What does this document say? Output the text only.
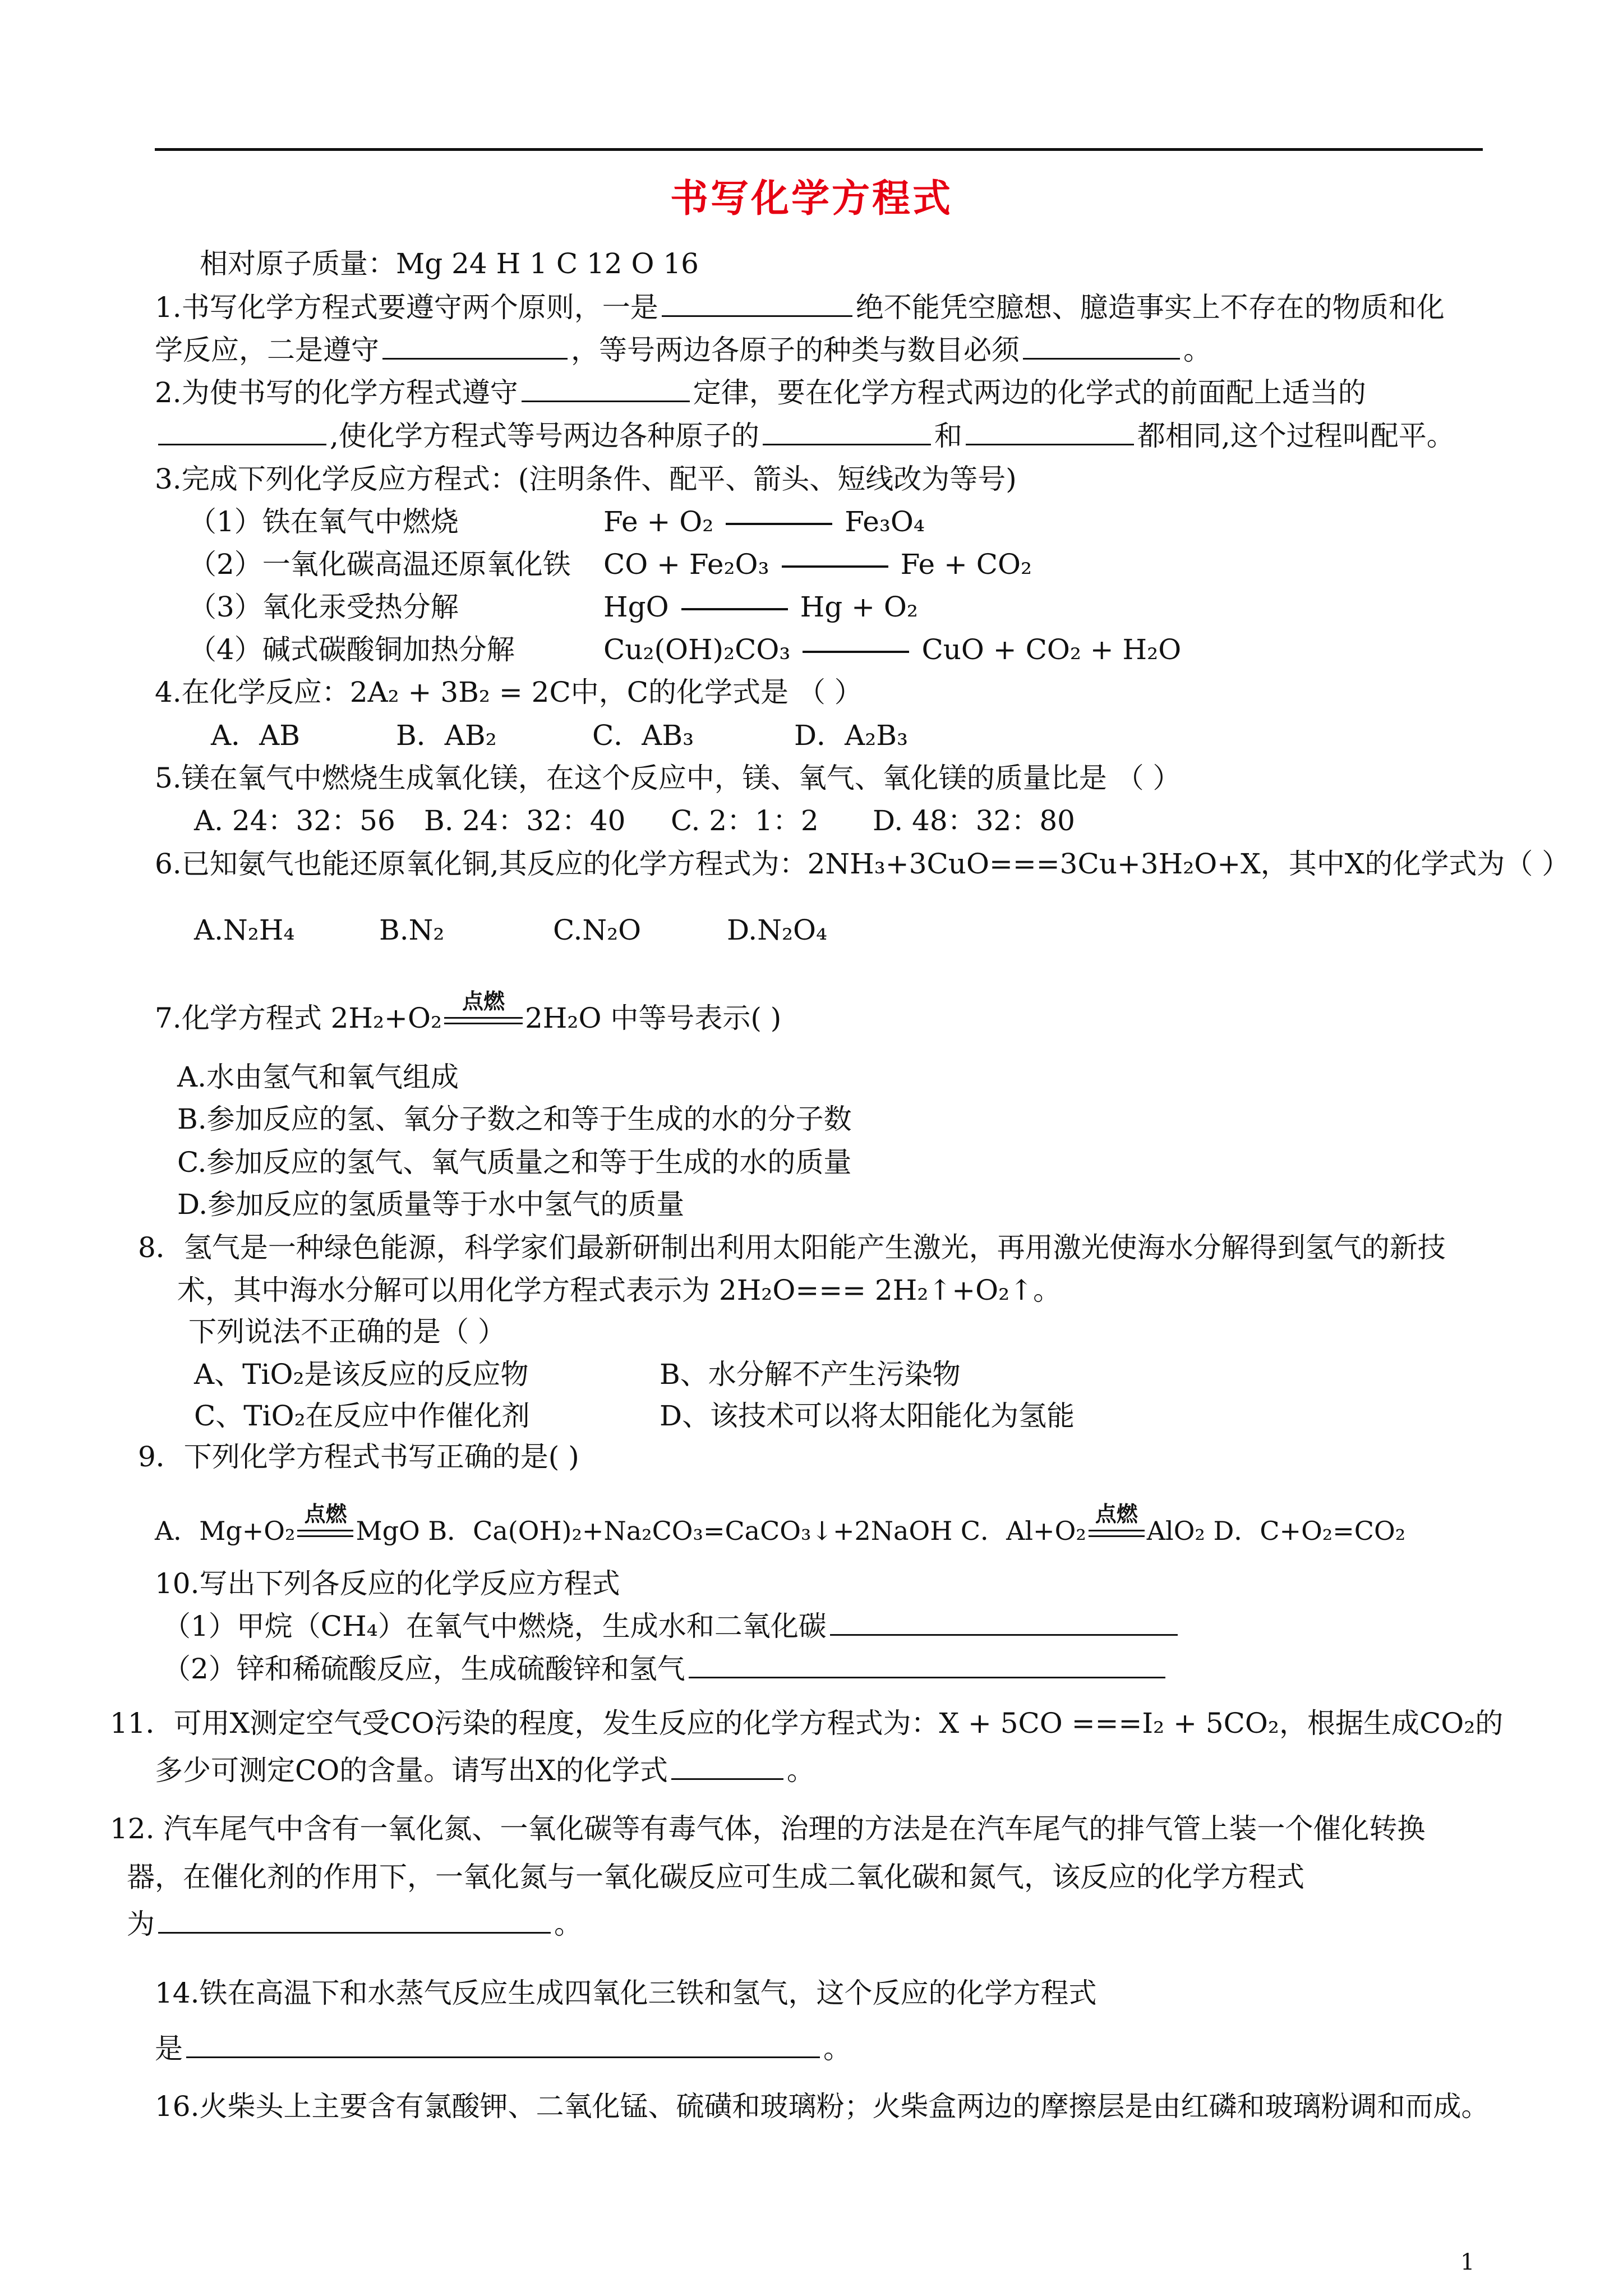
书写化学方程式
相对原子质量：Mg 24 H 1 C 12 O 16
1.书写化学方程式要遵守两个原则，一是	绝不能凭空臆想、臆造事实上不存在的物质和化
学反应，二是遵守	，等号两边各原子的种类与数目必须	。
2.为使书写的化学方程式遵守	定律，要在化学方程式两边的化学式的前面配上适当的
,使化学方程式等号两边各种原子的	和	都相同,这个过程叫配平。
3.完成下列化学反应方程式：(注明条件、配平、箭头、短线改为等号)
（1）铁在氧气中燃烧	Fe + O₂	Fe₃O₄
（2）一氧化碳高温还原氧化铁 CO + Fe₂O₃	Fe + CO₂
（3）氧化汞受热分解	HgO	Hg + O₂
（4）碱式碳酸铜加热分解	Cu₂(OH)₂CO₃	CuO + CO₂ + H₂O
4.在化学反应：2A₂ + 3B₂ = 2C中，C的化学式是 （ ）
A．AB	B．AB₂	C．AB₃	D．A₂B₃
5.镁在氧气中燃烧生成氧化镁，在这个反应中，镁、氧气、氧化镁的质量比是 （ ）
A. 24：32：56 B. 24：32：40 C. 2：1：2 D. 48：32：80
6.已知氨气也能还原氧化铜,其反应的化学方程式为：2NH₃+3CuO===3Cu+3H₂O+X，其中X的化学式为（ ）
A.N₂H₄	B.N₂	C.N₂O	D.N₂O₄
7.化学方程式 2H₂+O₂
点燃
2H₂O 中等号表示( )
A.水由氢气和氧气组成
B.参加反应的氢、氧分子数之和等于生成的水的分子数
C.参加反应的氢气、氧气质量之和等于生成的水的质量
D.参加反应的氢质量等于水中氢气的质量
8．氢气是一种绿色能源，科学家们最新研制出利用太阳能产生激光，再用激光使海水分解得到氢气的新技
术，其中海水分解可以用化学方程式表示为 2H₂O=== 2H₂↑+O₂↑。
下列说法不正确的是（ ）
A、TiO₂是该反应的反应物	B、水分解不产生污染物
C、TiO₂在反应中作催化剂	D、该技术可以将太阳能化为氢能
9．下列化学方程式书写正确的是( )
A．Mg+O₂
点燃
MgO B．Ca(OH)₂+Na₂CO₃=CaCO₃↓+2NaOH C．Al+O₂
点燃
AlO₂ D．C+O₂=CO₂
10.写出下列各反应的化学反应方程式
（1）甲烷（CH₄）在氧气中燃烧，生成水和二氧化碳
（2）锌和稀硫酸反应，生成硫酸锌和氢气
11．可用X测定空气受CO污染的程度，发生反应的化学方程式为：X + 5CO ===I₂ + 5CO₂，根据生成CO₂的
多少可测定CO的含量。请写出X的化学式	。
12. 汽车尾气中含有一氧化氮、一氧化碳等有毒气体，治理的方法是在汽车尾气的排气管上装一个催化转换
器，在催化剂的作用下，一氧化氮与一氧化碳反应可生成二氧化碳和氮气，该反应的化学方程式
为	。
14.铁在高温下和水蒸气反应生成四氧化三铁和氢气，这个反应的化学方程式
是	。
16.火柴头上主要含有氯酸钾、二氧化锰、硫磺和玻璃粉；火柴盒两边的摩擦层是由红磷和玻璃粉调和而成。
1
